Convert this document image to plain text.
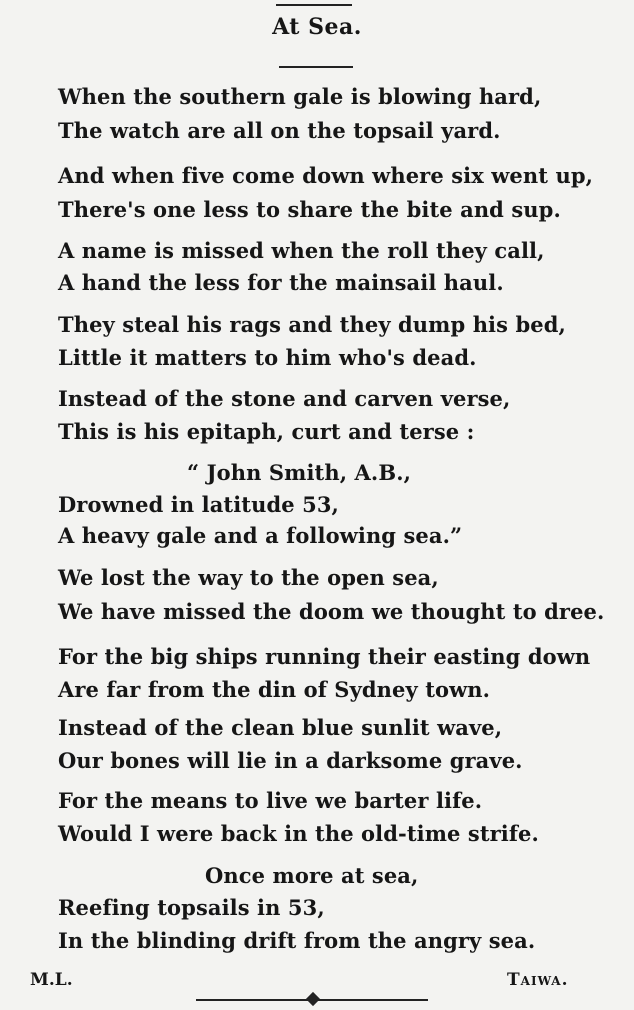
At Sea.
When the southern gale is blowing hard,
The watch are all on the topsail yard.
And when five come down where six went up,
There's one less to share the bite and sup.
A name is missed when the roll they call,
A hand the less for the mainsail haul.
They steal his rags and they dump his bed,
Little it matters to him who's dead.
Instead of the stone and carven verse,
This is his epitaph, curt and terse :
“ John Smith, A.B.,
Drowned in latitude 53,
A heavy gale and a following sea.”
We lost the way to the open sea,
We have missed the doom we thought to dree.
For the big ships running their easting down
Are far from the din of Sydney town.
Instead of the clean blue sunlit wave,
Our bones will lie in a darksome grave.
For the means to live we barter life.
Would I were back in the old-time strife.
Once more at sea,
Reefing topsails in 53,
In the blinding drift from the angry sea.
M.L.	Taiwa.
